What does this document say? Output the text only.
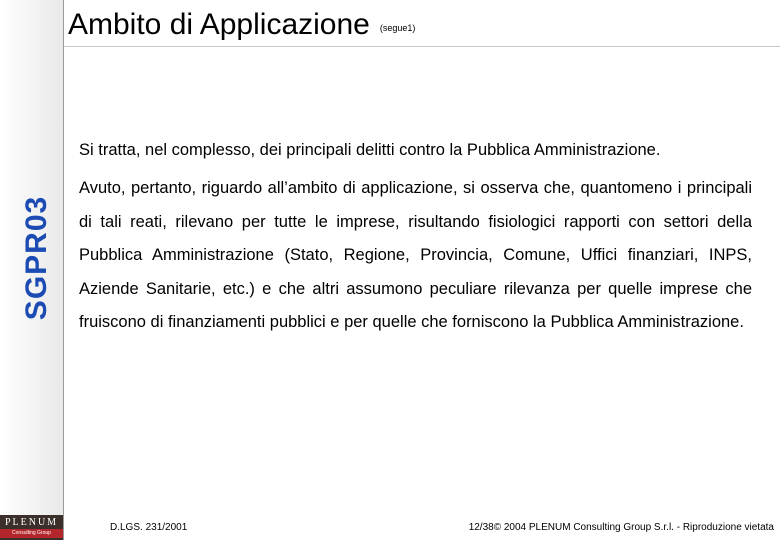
SGPR03
PLENUM
Consulting Group
Ambito di Applicazione (segue1)
Si tratta, nel complesso, dei principali delitti contro la Pubblica Amministrazione.

Avuto, pertanto, riguardo all’ambito di applicazione, si osserva che, quantomeno i principali di tali reati, rilevano per tutte le imprese, risultando fisiologici rapporti con settori della Pubblica Amministrazione (Stato, Regione, Provincia, Comune, Uffici finanziari, INPS, Aziende Sanitarie, etc.) e che altri assumono peculiare rilevanza per quelle imprese che fruiscono di finanziamenti pubblici e per quelle che forniscono la Pubblica Amministrazione.

D.LGS. 231/2001	12/38© 2004 PLENUM Consulting Group S.r.l. - Riproduzione vietata
